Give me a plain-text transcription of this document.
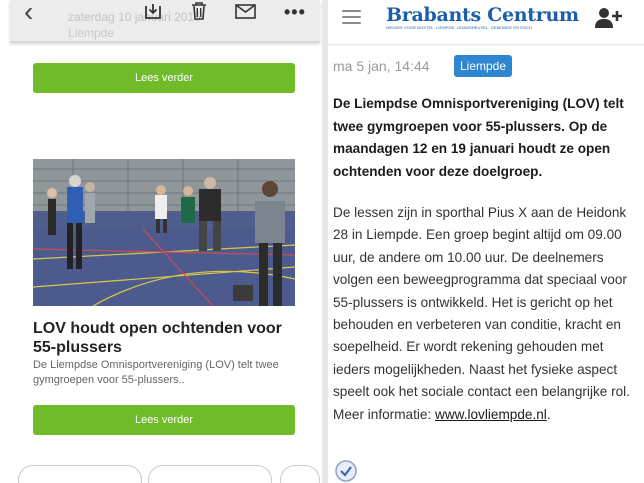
zaterdag 10 januari 2015
Liempde
‹	•••
Lees verder
LOV houdt open ochtenden voor 55-plussers
De Liempdse Omnisportvereniging (LOV) telt twee gymgroepen voor 55-plussers..
Lees verder
Brabants Centrum
NIEUWS VOOR BOXTEL, LIEMPDE, LENNISHEUVEL, GEMONDE EN ESCH
ma 5 jan, 14:44	Liempde
De Liempdse Omnisportvereniging (LOV) telt twee gymgroepen voor 55-plussers. Op de maandagen 12 en 19 januari houdt ze open ochtenden voor deze doelgroep.

De lessen zijn in sporthal Pius X aan de Heidonk 28 in Liempde. Een groep begint altijd om 09.00 uur, de andere om 10.00 uur. De deelnemers volgen een beweegprogramma dat speciaal voor 55-plussers is ontwikkeld. Het is gericht op het behouden en verbeteren van conditie, kracht en soepelheid. Er wordt rekening gehouden met ieders mogelijkheden. Naast het fysieke aspect speelt ook het sociale contact een belangrijke rol. Meer informatie: www.lovliempde.nl.
